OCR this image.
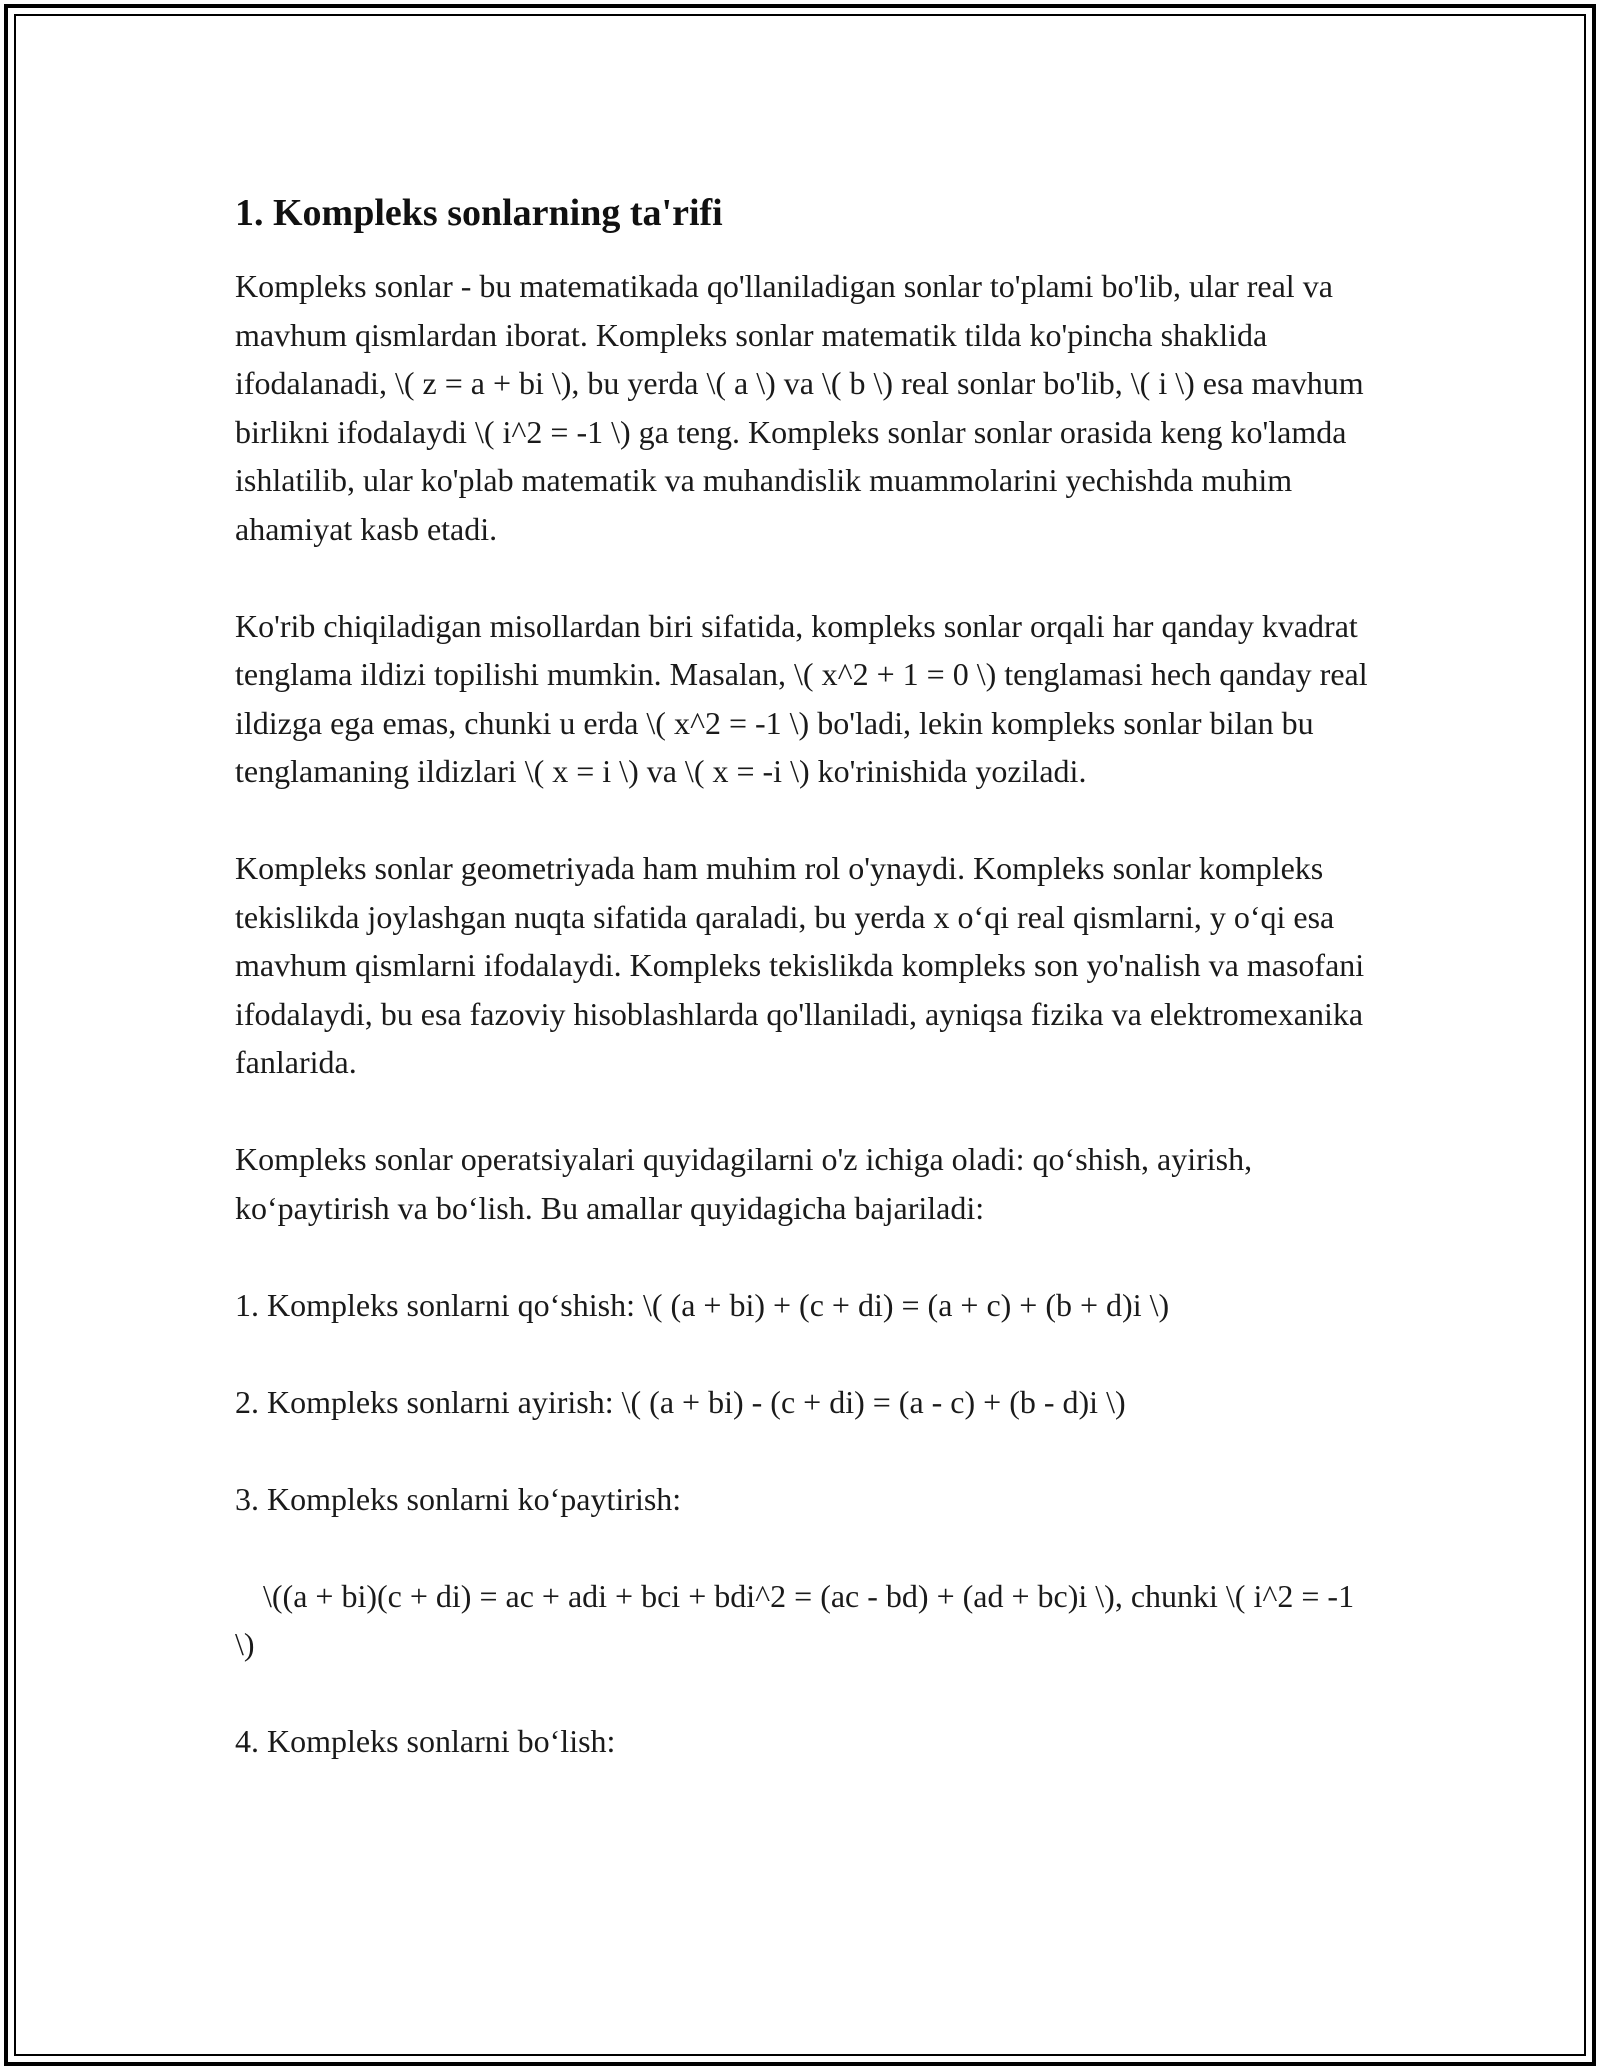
1. Kompleks sonlarning ta'rifi

Kompleks sonlar - bu matematikada qo'llaniladigan sonlar to'plami bo'lib, ular real va mavhum qismlardan iborat. Kompleks sonlar matematik tilda ko'pincha shaklida ifodalanadi, \( z = a + bi \), bu yerda \( a \) va \( b \) real sonlar bo'lib, \( i \) esa mavhum birlikni ifodalaydi \( i^2 = -1 \) ga teng. Kompleks sonlar sonlar orasida keng ko'lamda ishlatilib, ular ko'plab matematik va muhandislik muammolarini yechishda muhim ahamiyat kasb etadi.

Ko'rib chiqiladigan misollardan biri sifatida, kompleks sonlar orqali har qanday kvadrat tenglama ildizi topilishi mumkin. Masalan, \( x^2 + 1 = 0 \) tenglamasi hech qanday real ildizga ega emas, chunki u erda \( x^2 = -1 \) bo'ladi, lekin kompleks sonlar bilan bu tenglamaning ildizlari \( x = i \) va \( x = -i \) ko'rinishida yoziladi.

Kompleks sonlar geometriyada ham muhim rol o'ynaydi. Kompleks sonlar kompleks tekislikda joylashgan nuqta sifatida qaraladi, bu yerda x oʻqi real qismlarni, y oʻqi esa mavhum qismlarni ifodalaydi. Kompleks tekislikda kompleks son yo'nalish va masofani ifodalaydi, bu esa fazoviy hisoblashlarda qo'llaniladi, ayniqsa fizika va elektromexanika fanlarida.

Kompleks sonlar operatsiyalari quyidagilarni o'z ichiga oladi: qoʻshish, ayirish, koʻpaytirish va boʻlish. Bu amallar quyidagicha bajariladi:

1. Kompleks sonlarni qoʻshish: \( (a + bi) + (c + di) = (a + c) + (b + d)i \)

2. Kompleks sonlarni ayirish: \( (a + bi) - (c + di) = (a - c) + (b - d)i \)

3. Kompleks sonlarni koʻpaytirish:

\((a + bi)(c + di) = ac + adi + bci + bdi^2 = (ac - bd) + (ad + bc)i \), chunki \( i^2 = -1 \)

4. Kompleks sonlarni boʻlish:
